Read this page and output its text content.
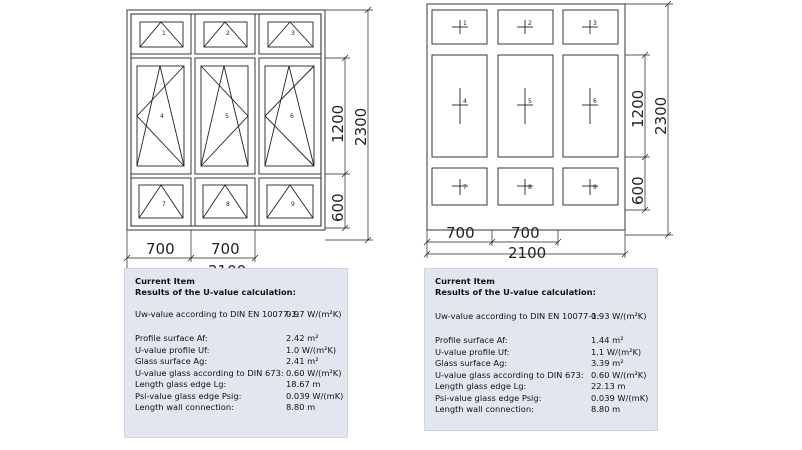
1	2	3
4	5	6
7	8	9
1200 2300
600
700 700
1	2	3
4	5	6
7	8	9
1200 2300
600
700 700
2100
Current Item
Results of the U-value calculation:
Uw-value according to DIN EN 10077-1:
0.97 W/(m²K)
Profile surface Af:	2.42 m²
U-value profile Uf:	1.0 W/(m²K)
Glass surface Ag:	2.41 m²
U-value glass according to DIN 673: 0.60 W/(m²K)
Length glass edge Lg:	18.67 m
Psi-value glass edge Psig:	0.039 W/(mK)
Length wall connection:	8.80 m
Current Item
Results of the U-value calculation:
Uw-value according to DIN EN 10077-1:
0.93 W/(m²K)
Profile surface Af:	1.44 m²
U-value profile Uf:	1.1 W/(m²K)
Glass surface Ag:	3.39 m²
U-value glass according to DIN 673: 0.60 W/(m²K)
Length glass edge Lg:	22.13 m
Psi-value glass edge Psig:	0.039 W/(mK)
Length wall connection:	8.80 m
